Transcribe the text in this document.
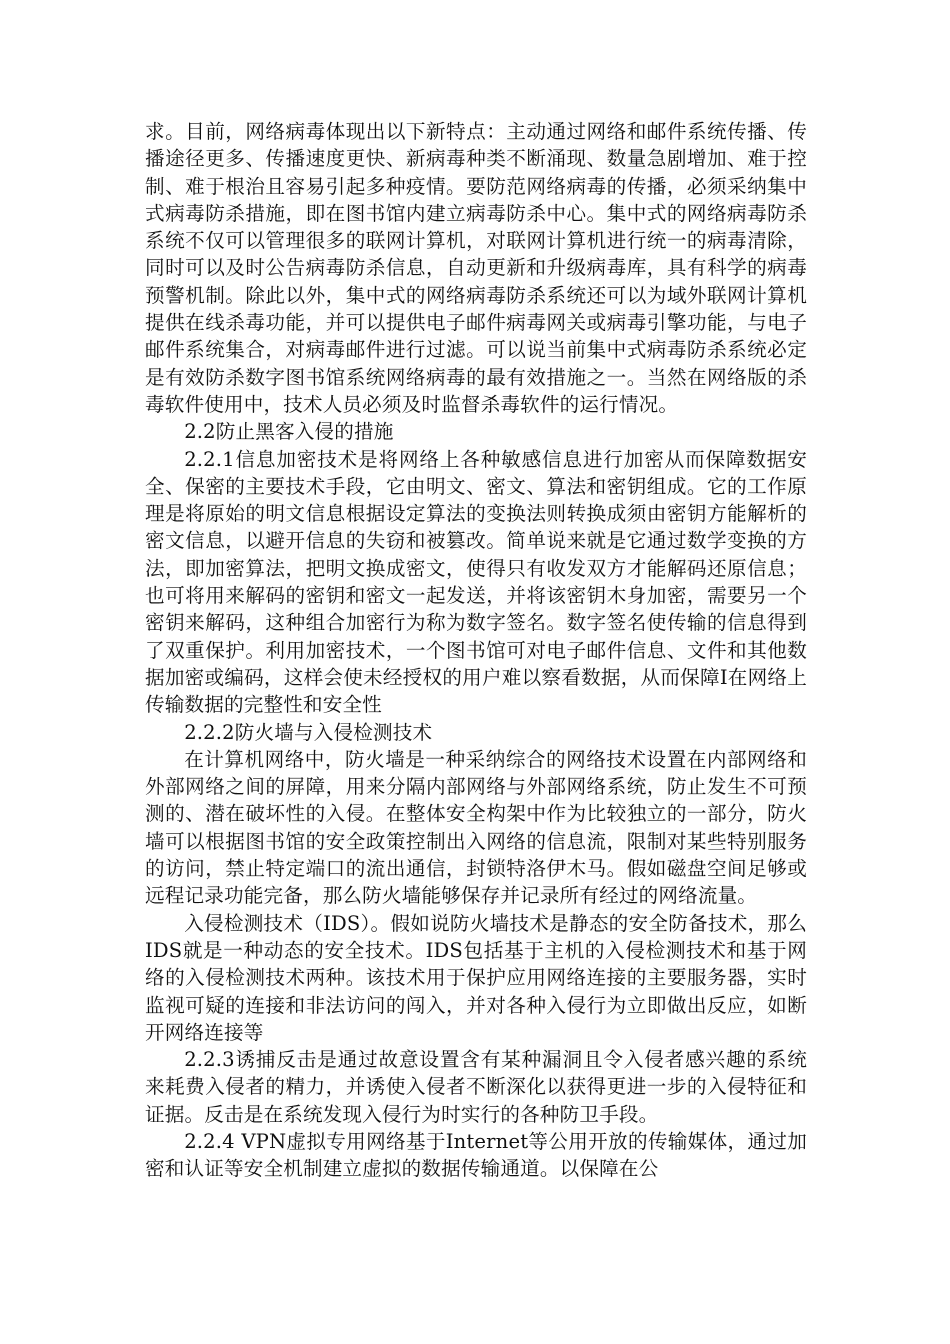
求。目前，网络病毒体现出以下新特点：主动通过网络和邮件系统传播、传播途径更多、传播速度更快、新病毒种类不断涌现、数量急剧增加、难于控制、难于根治且容易引起多种疫情。要防范网络病毒的传播，必须采纳集中式病毒防杀措施，即在图书馆内建立病毒防杀中心。集中式的网络病毒防杀系统不仅可以管理很多的联网计算机，对联网计算机进行统一的病毒清除，同时可以及时公告病毒防杀信息，自动更新和升级病毒库，具有科学的病毒预警机制。除此以外，集中式的网络病毒防杀系统还可以为域外联网计算机提供在线杀毒功能，并可以提供电子邮件病毒网关或病毒引擎功能，与电子邮件系统集合，对病毒邮件进行过滤。可以说当前集中式病毒防杀系统必定是有效防杀数字图书馆系统网络病毒的最有效措施之一。当然在网络版的杀毒软件使用中，技术人员必须及时监督杀毒软件的运行情况。

2.2防止黑客入侵的措施

2.2.1信息加密技术是将网络上各种敏感信息进行加密从而保障数据安全、保密的主要技术手段，它由明文、密文、算法和密钥组成。它的工作原理是将原始的明文信息根据设定算法的变换法则转换成须由密钥方能解析的密文信息，以避开信息的失窃和被篡改。简单说来就是它通过数学变换的方法，即加密算法，把明文换成密文，使得只有收发双方才能解码还原信息；也可将用来解码的密钥和密文一起发送，并将该密钥木身加密，需要另一个密钥来解码，这种组合加密行为称为数字签名。数字签名使传输的信息得到了双重保护。利用加密技术，一个图书馆可对电子邮件信息、文件和其他数据加密或编码，这样会使未经授权的用户难以察看数据，从而保障I在网络上传输数据的完整性和安全性

2.2.2防火墙与入侵检测技术

在计算机网络中，防火墙是一种采纳综合的网络技术设置在内部网络和外部网络之间的屏障，用来分隔内部网络与外部网络系统，防止发生不可预测的、潜在破坏性的入侵。在整体安全构架中作为比较独立的一部分，防火墙可以根据图书馆的安全政策控制出入网络的信息流，限制对某些特别服务的访问，禁止特定端口的流出通信，封锁特洛伊木马。假如磁盘空间足够或远程记录功能完备，那么防火墙能够保存并记录所有经过的网络流量。

入侵检测技术（IDS）。假如说防火墙技术是静态的安全防备技术，那么IDS就是一种动态的安全技术。IDS包括基于主机的入侵检测技术和基于网络的入侵检测技术两种。该技术用于保护应用网络连接的主要服务器，实时监视可疑的连接和非法访问的闯入，并对各种入侵行为立即做出反应，如断开网络连接等

2.2.3诱捕反击是通过故意设置含有某种漏洞且令入侵者感兴趣的系统来耗费入侵者的精力，并诱使入侵者不断深化以获得更进一步的入侵特征和证据。反击是在系统发现入侵行为时实行的各种防卫手段。

2.2.4 VPN虚拟专用网络基于Internet等公用开放的传输媒体，通过加密和认证等安全机制建立虚拟的数据传输通道。以保障在公
